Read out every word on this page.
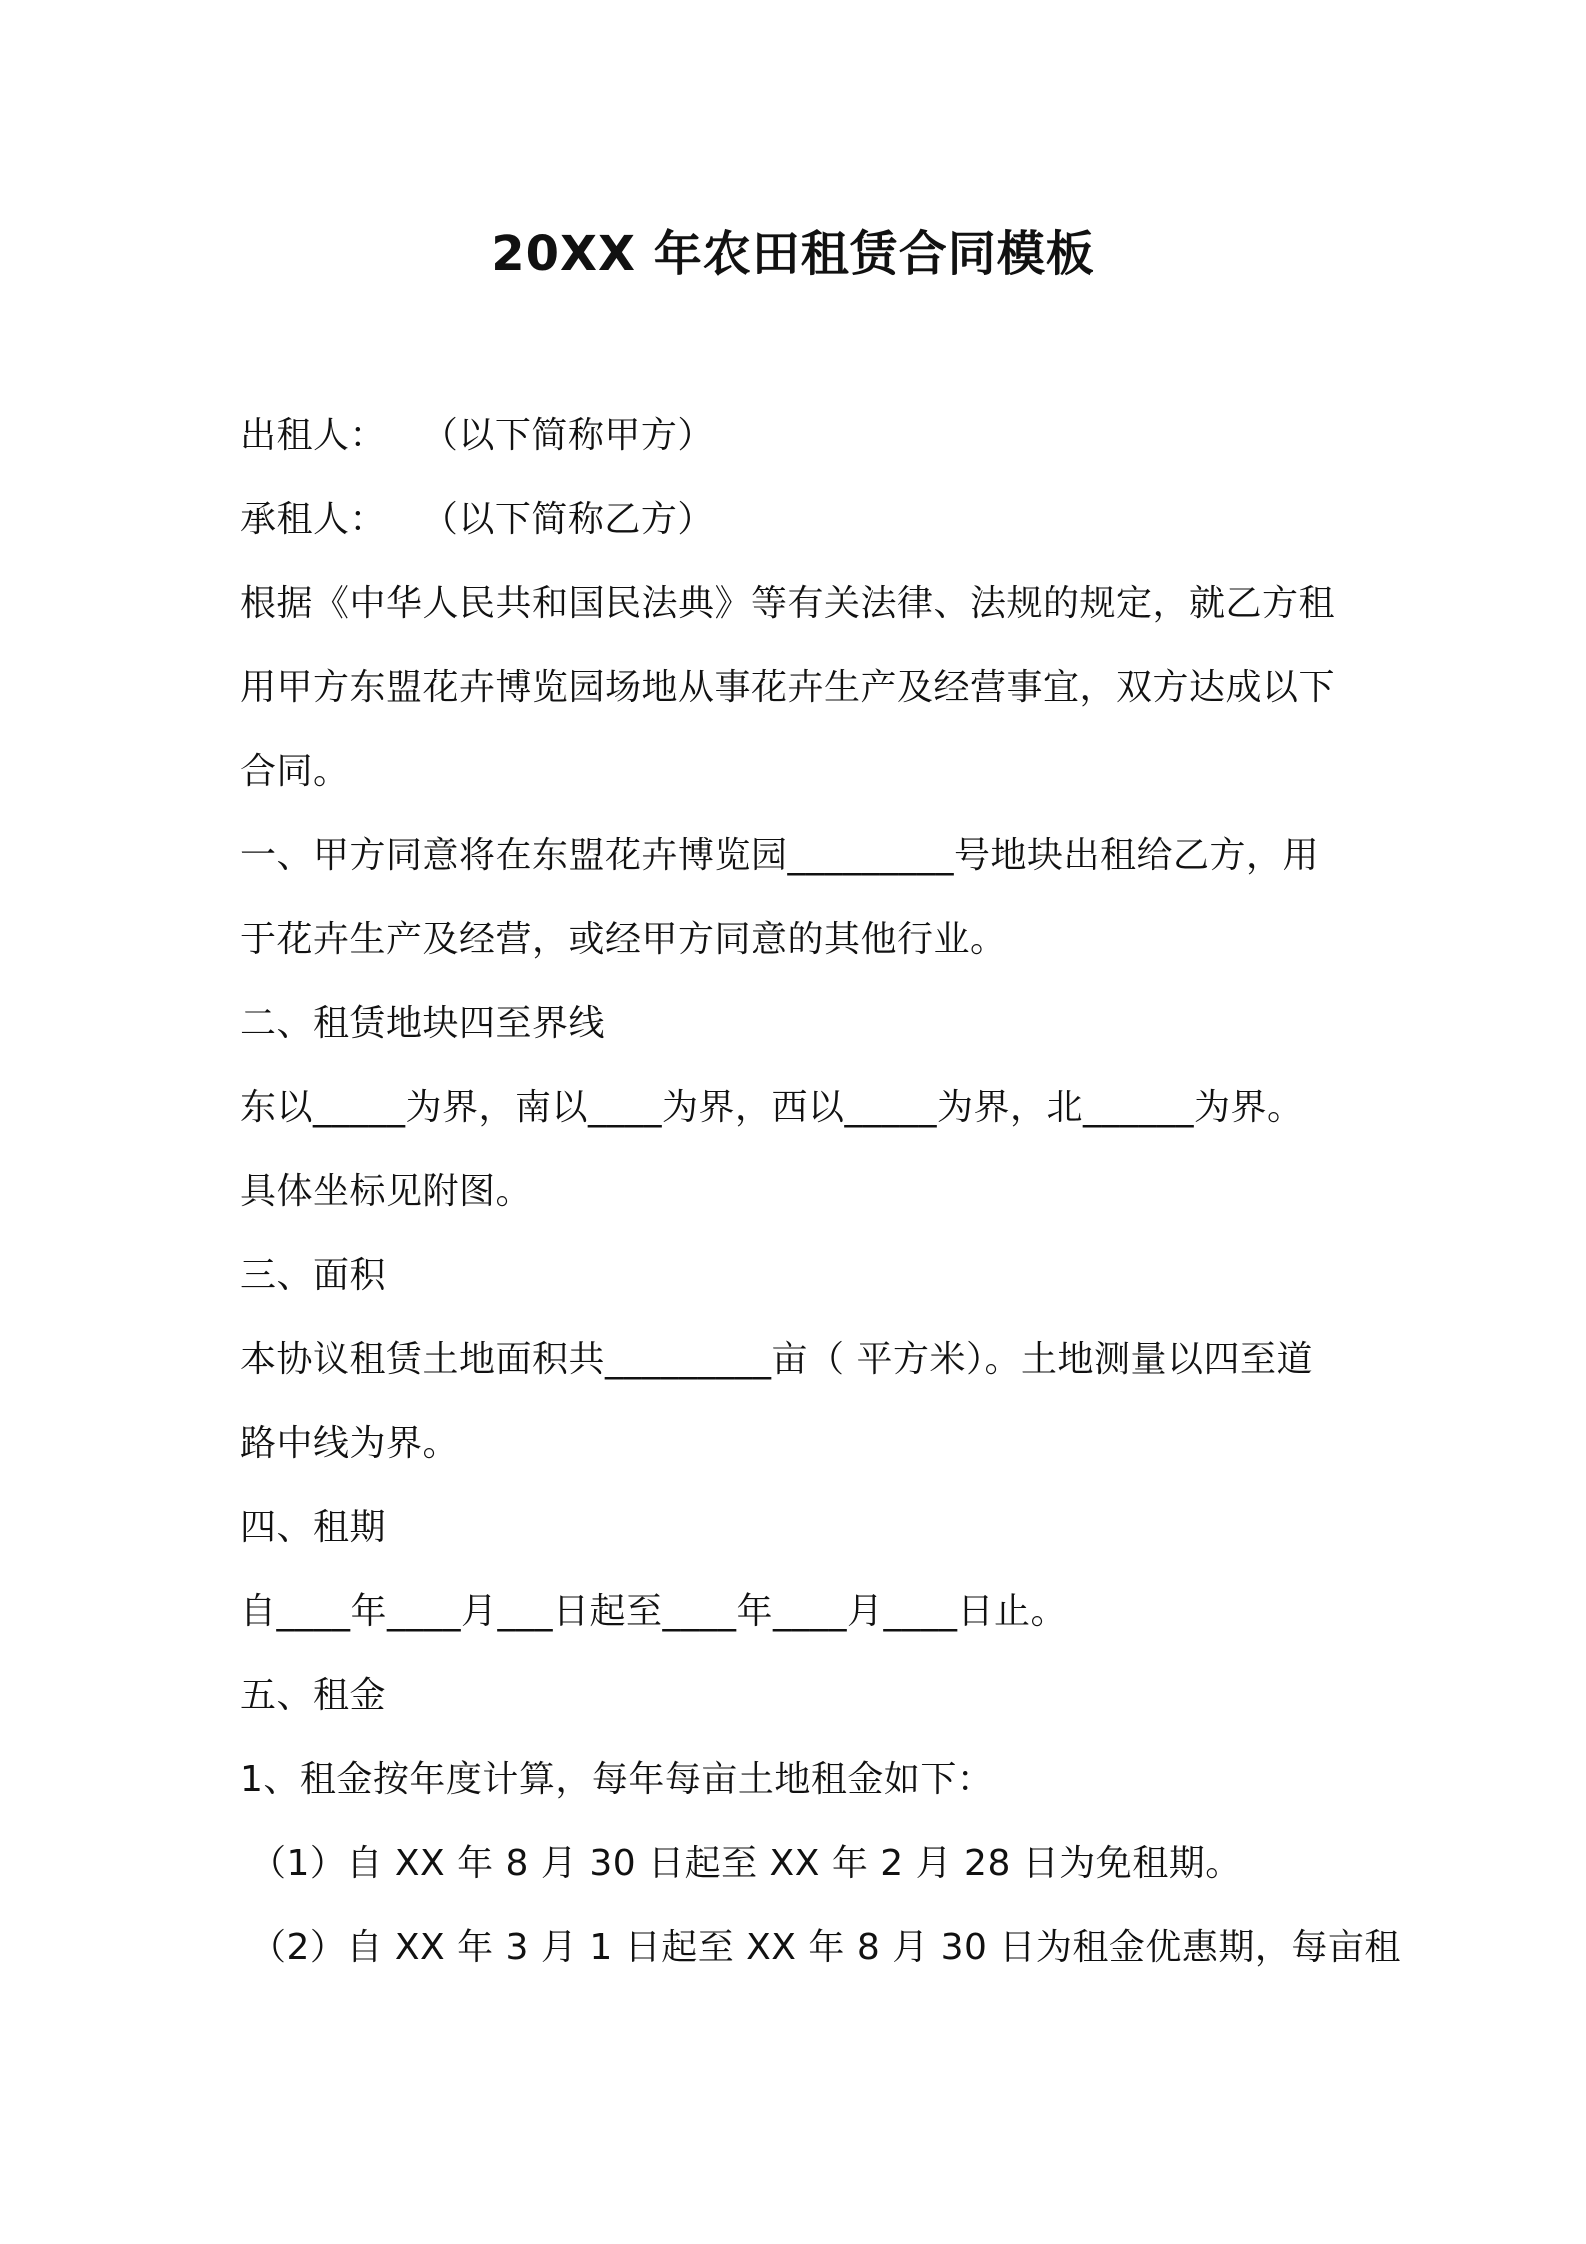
20XX 年农田租赁合同模板
出租人：   （以下简称甲方）
承租人：   （以下简称乙方）
根据《中华人民共和国民法典》等有关法律、法规的规定，就乙方租
用甲方东盟花卉博览园场地从事花卉生产及经营事宜，双方达成以下
合同。
一、甲方同意将在东盟花卉博览园_________号地块出租给乙方，用
于花卉生产及经营，或经甲方同意的其他行业。
二、租赁地块四至界线
东以_____为界，南以____为界，西以_____为界，北______为界。
具体坐标见附图。
三、面积
本协议租赁土地面积共_________亩（ 平方米）。土地测量以四至道
路中线为界。
四、租期
自____年____月___日起至____年____月____日止。
五、租金
1、租金按年度计算，每年每亩土地租金如下：
（1）自 XX 年 8 月 30 日起至 XX 年 2 月 28 日为免租期。
（2）自 XX 年 3 月 1 日起至 XX 年 8 月 30 日为租金优惠期，每亩租
